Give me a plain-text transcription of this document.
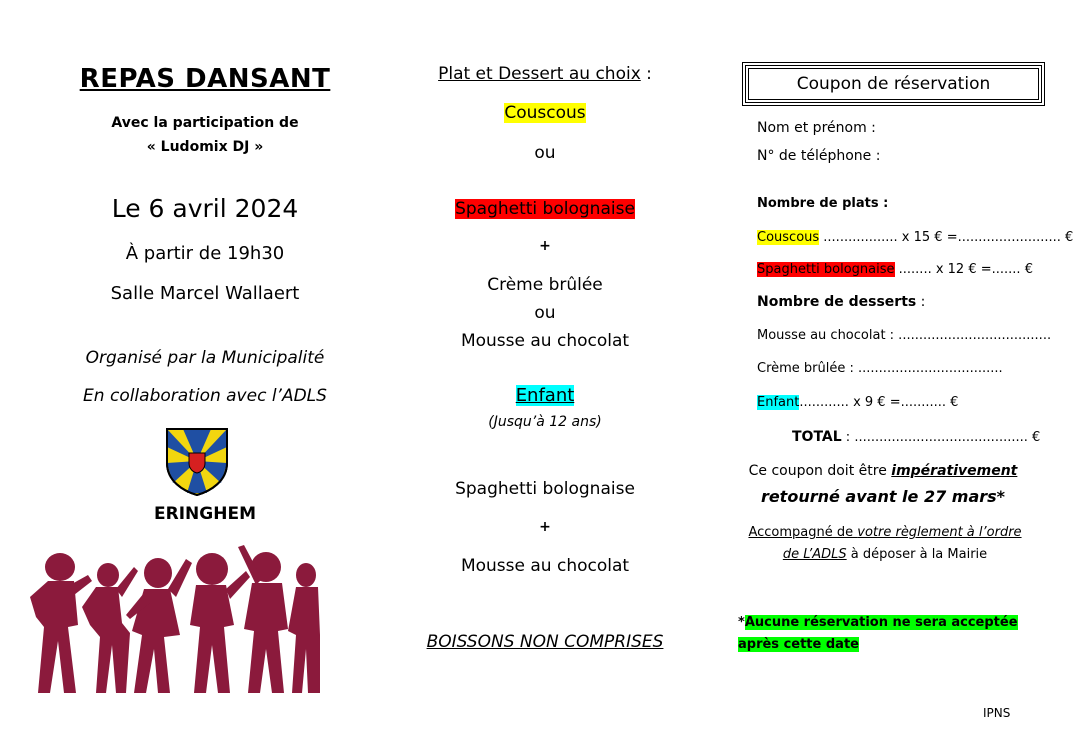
REPAS DANSANT
Avec la participation de
« Ludomix DJ »
Le 6 avril 2024
À partir de 19h30
Salle Marcel Wallaert
Organisé par la Municipalité
En collaboration avec l’ADLS
ERINGHEM
Plat et Dessert au choix :
Couscous
ou
Spaghetti bolognaise
+
Crème brûlée
ou
Mousse au chocolat
Enfant
(Jusqu’à 12 ans)
Spaghetti bolognaise
+
Mousse au chocolat
BOISSONS NON COMPRISES
Coupon de réservation
Nom et prénom :
N° de téléphone :
Nombre de plats :
Couscous .................. x 15 € =......................... €
Spaghetti bolognaise ........ x 12 € =....... €
Nombre de desserts :
Mousse au chocolat : .....................................
Crème brûlée : ...................................
Enfant............ x 9 € =........... €
TOTAL : .......................................... €
Ce coupon doit être impérativement
retourné avant le 27 mars*
Accompagné de votre règlement à l’ordre
de L’ADLS à déposer à la Mairie
*Aucune réservation ne sera acceptée
après cette date
IPNS
